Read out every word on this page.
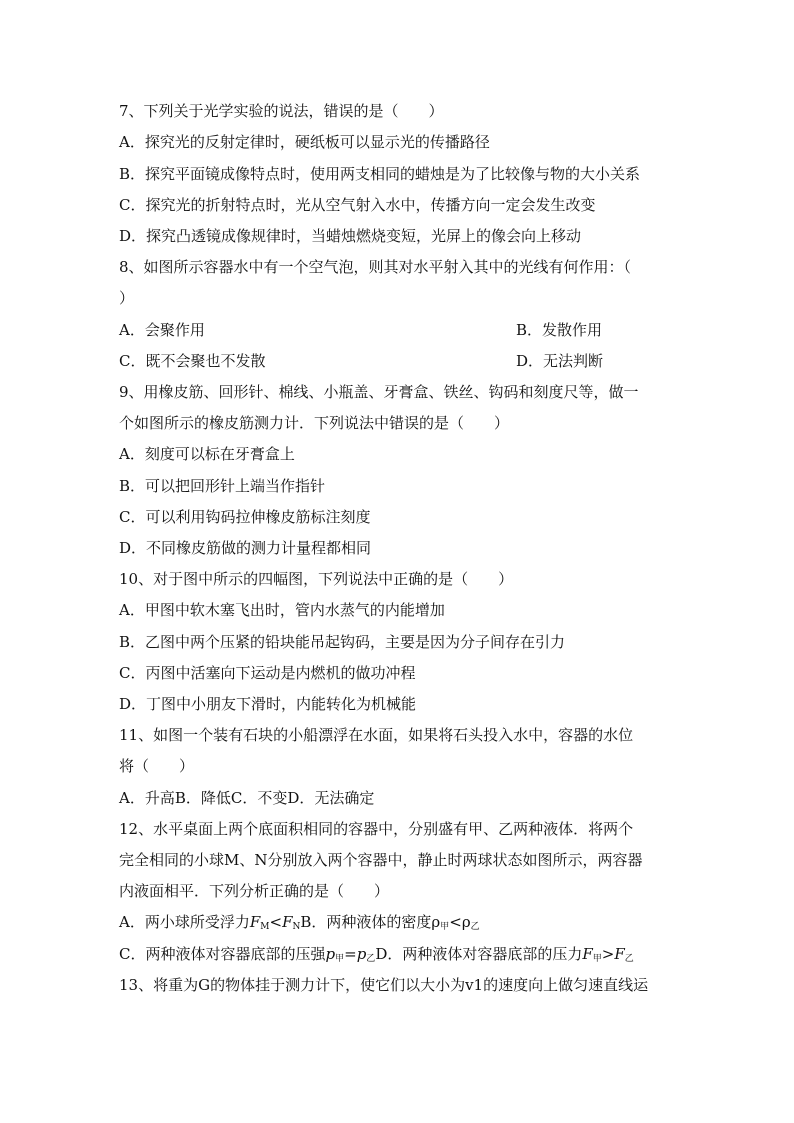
7、下列关于光学实验的说法，错误的是（　　）
A．探究光的反射定律时，硬纸板可以显示光的传播路径
B．探究平面镜成像特点时，使用两支相同的蜡烛是为了比较像与物的大小关系
C．探究光的折射特点时，光从空气射入水中，传播方向一定会发生改变
D．探究凸透镜成像规律时，当蜡烛燃烧变短，光屏上的像会向上移动
8、如图所示容器水中有一个空气泡，则其对水平射入其中的光线有何作用：（
）
A．会聚作用	B．发散作用
C．既不会聚也不发散	D．无法判断
9、用橡皮筋、回形针、棉线、小瓶盖、牙膏盒、铁丝、钩码和刻度尺等，做一
个如图所示的橡皮筋测力计．下列说法中错误的是（　　）
A．刻度可以标在牙膏盒上
B．可以把回形针上端当作指针
C．可以利用钩码拉伸橡皮筋标注刻度
D．不同橡皮筋做的测力计量程都相同
10、对于图中所示的四幅图，下列说法中正确的是（　　）
A．甲图中软木塞飞出时，管内水蒸气的内能增加
B．乙图中两个压紧的铅块能吊起钩码，主要是因为分子间存在引力
C．丙图中活塞向下运动是内燃机的做功冲程
D．丁图中小朋友下滑时，内能转化为机械能
11、如图一个装有石块的小船漂浮在水面，如果将石头投入水中，容器的水位
将（　　）
A．升高B．降低C．不变D．无法确定
12、水平桌面上两个底面积相同的容器中，分别盛有甲、乙两种液体．将两个
完全相同的小球M、N分别放入两个容器中，静止时两球状态如图所示，两容器
内液面相平．下列分析正确的是（　　）
A．两小球所受浮力$F_M<F_NB$．两种液体的密度$\rho_甲<\rho_乙$
C．两种液体对容器底部的压强$p_甲=p_乙D$．两种液体对容器底部的压力$F_甲>F_乙$
13、将重为G的物体挂于测力计下，使它们以大小为v1的速度向上做匀速直线运
